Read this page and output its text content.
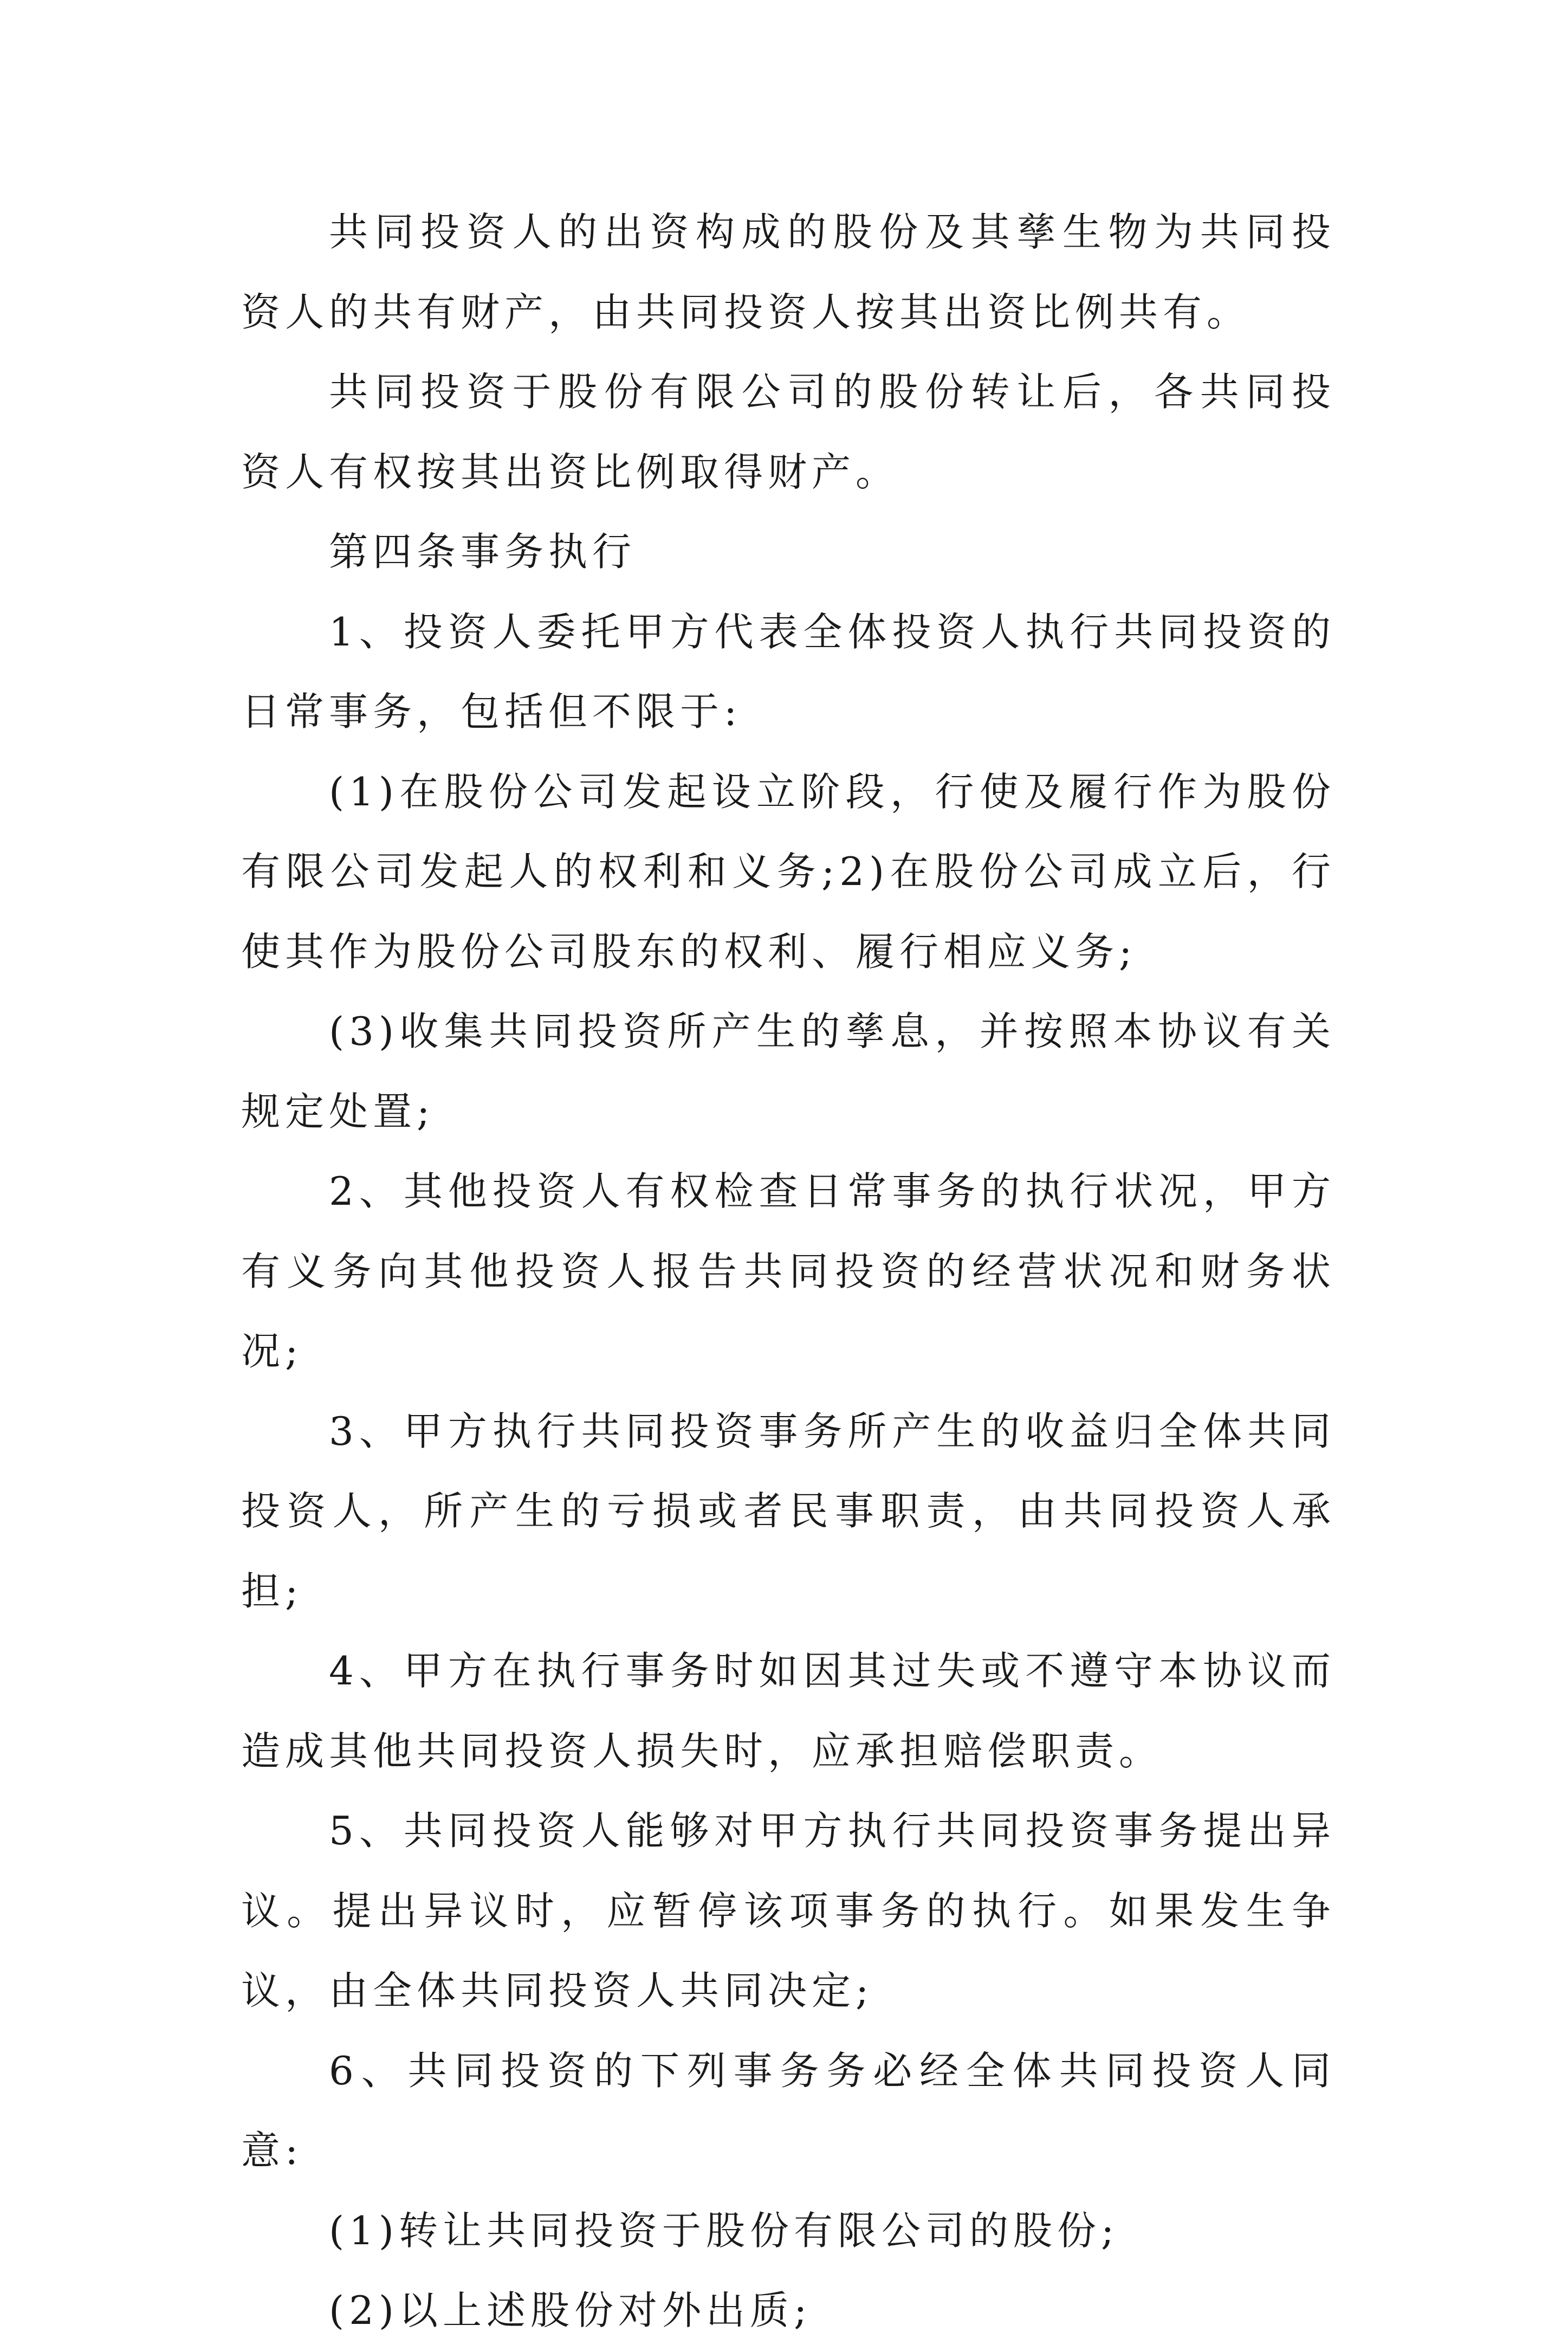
共同投资人的出资构成的股份及其孳生物为共同投资人的共有财产，由共同投资人按其出资比例共有。

共同投资于股份有限公司的股份转让后，各共同投资人有权按其出资比例取得财产。

第四条事务执行

1、投资人委托甲方代表全体投资人执行共同投资的日常事务，包括但不限于:

(1)在股份公司发起设立阶段，行使及履行作为股份有限公司发起人的权利和义务;2)在股份公司成立后，行使其作为股份公司股东的权利、履行相应义务;

(3)收集共同投资所产生的孳息，并按照本协议有关规定处置;

2、其他投资人有权检查日常事务的执行状况，甲方有义务向其他投资人报告共同投资的经营状况和财务状况;

3、甲方执行共同投资事务所产生的收益归全体共同投资人，所产生的亏损或者民事职责，由共同投资人承担;

4、甲方在执行事务时如因其过失或不遵守本协议而造成其他共同投资人损失时，应承担赔偿职责。

5、共同投资人能够对甲方执行共同投资事务提出异议。提出异议时，应暂停该项事务的执行。如果发生争议，由全体共同投资人共同决定;

6、共同投资的下列事务务必经全体共同投资人同意:

(1)转让共同投资于股份有限公司的股份;

(2)以上述股份对外出质;
